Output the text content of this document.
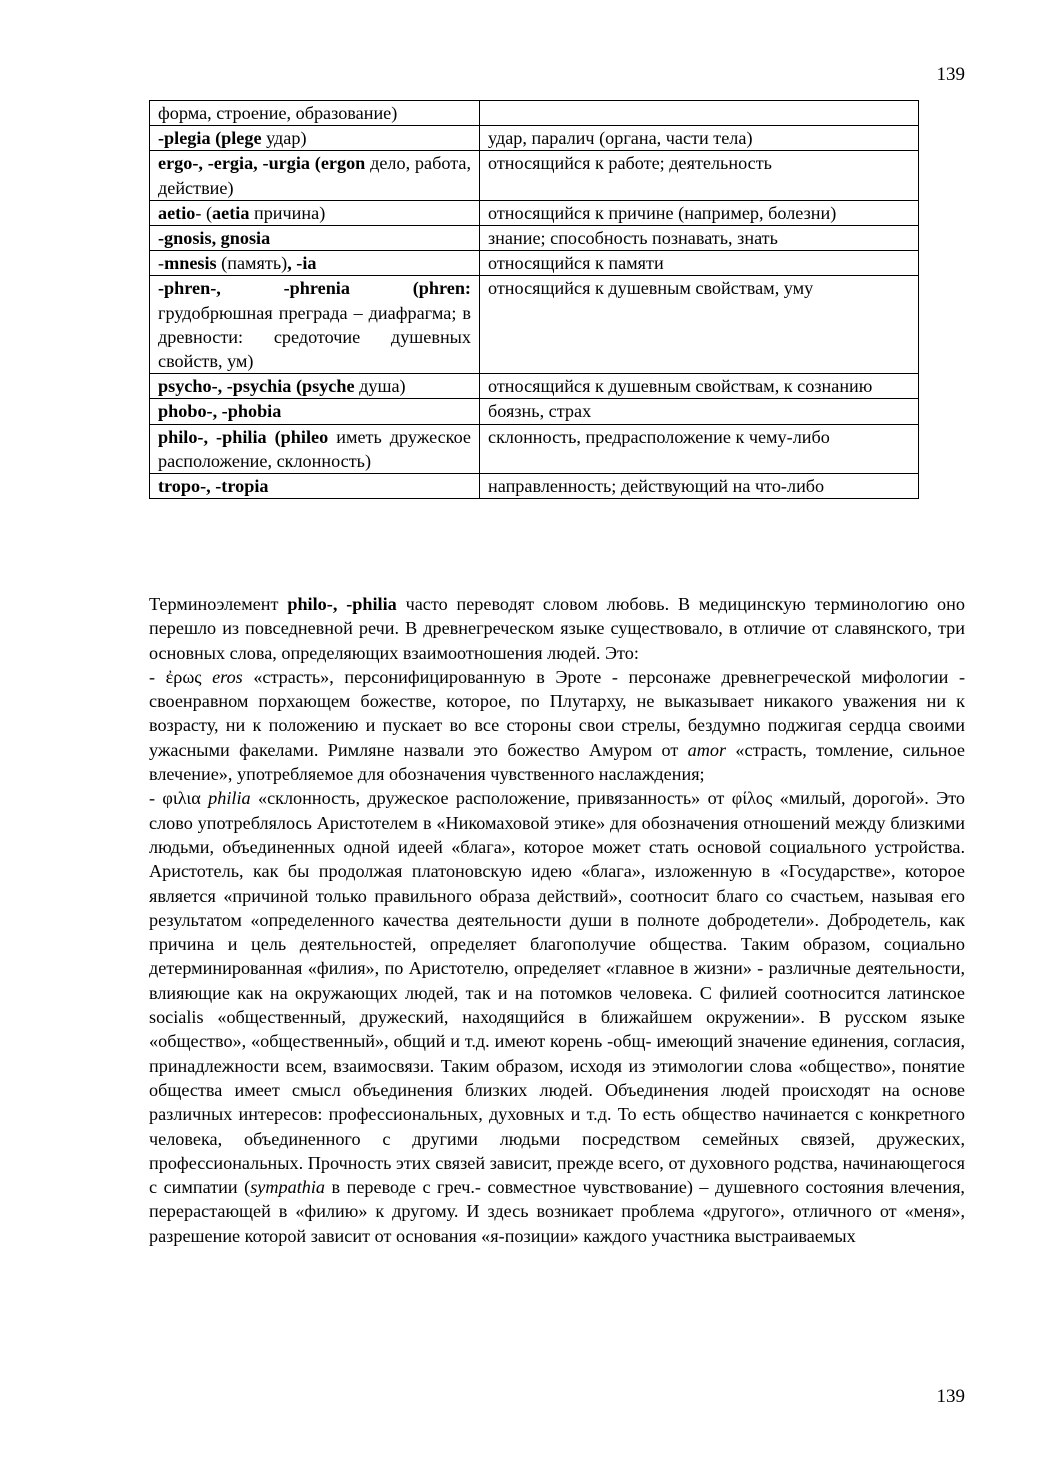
139
форма, строение, образование)	
-plegia (plege удар)	удар, паралич (органа, части тела)
ergo-, -ergia, -urgia (ergon дело, работа, действие)	относящийся к работе; деятельность
aetio- (aetia причина)	относящийся к причине (например, болезни)
-gnosis, gnosia	знание; способность познавать, знать
-mnesis (память), -ia	относящийся к памяти
-phren-, -phrenia (phren: грудобрюшная преграда – диафрагма; в древности: средоточие душевных свойств, ум)	относящийся к душевным свойствам, уму
psycho-, -psychia (psyche душа)	относящийся к душевным свойствам, к сознанию
phobo-, -phobia	боязнь, страх
philo-, -philia (phileo иметь дружеское расположение, склонность)	склонность, предрасположение к чему-либо
tropo-, -tropia	направленность; действующий на что-либо

Терминоэлемент philo-, -philia часто переводят словом любовь. В медицинскую терминологию оно перешло из повседневной речи. В древнегреческом языке существовало, в отличие от славянского, три основных слова, определяющих взаимоотношения людей. Это:

- ἐρως eros «страсть», персонифицированную в Эроте - персонаже древнегреческой мифологии - своенравном порхающем божестве, которое, по Плутарху, не выказывает никакого уважения ни к возрасту, ни к положению и пускает во все стороны свои стрелы, бездумно поджигая сердца своими ужасными факелами. Римляне назвали это божество Амуром от amor «страсть, томление, сильное влечение», употребляемое для обозначения чувственного наслаждения;

- φιλια philia «склонность, дружеское расположение, привязанность» от φίλος «милый, дорогой». Это слово употреблялось Аристотелем в «Никомаховой этике» для обозначения отношений между близкими людьми, объединенных одной идеей «блага», которое может стать основой социального устройства. Аристотель, как бы продолжая платоновскую идею «блага», изложенную в «Государстве», которое является «причиной только правильного образа действий», соотносит благо со счастьем, называя его результатом «определенного качества деятельности души в полноте добродетели». Добродетель, как причина и цель деятельностей, определяет благополучие общества. Таким образом, социально детерминированная «филия», по Аристотелю, определяет «главное в жизни» - различные деятельности, влияющие как на окружающих людей, так и на потомков человека. С филией соотносится латинское socialis «общественный, дружеский, находящийся в ближайшем окружении». В русском языке «общество», «общественный», общий и т.д. имеют корень -общ- имеющий значение единения, согласия, принадлежности всем, взаимосвязи. Таким образом, исходя из этимологии слова «общество», понятие общества имеет смысл объединения близких людей. Объединения людей происходят на основе различных интересов: профессиональных, духовных и т.д. То есть общество начинается с конкретного человека, объединенного с другими людьми посредством семейных связей, дружеских, профессиональных. Прочность этих связей зависит, прежде всего, от духовного родства, начинающегося с симпатии (sympathia в переводе с греч.- совместное чувствование) – душевного состояния влечения, перерастающей в «филию» к другому. И здесь возникает проблема «другого», отличного от «меня», разрешение которой зависит от основания «я-позиции» каждого участника выстраиваемых

139
